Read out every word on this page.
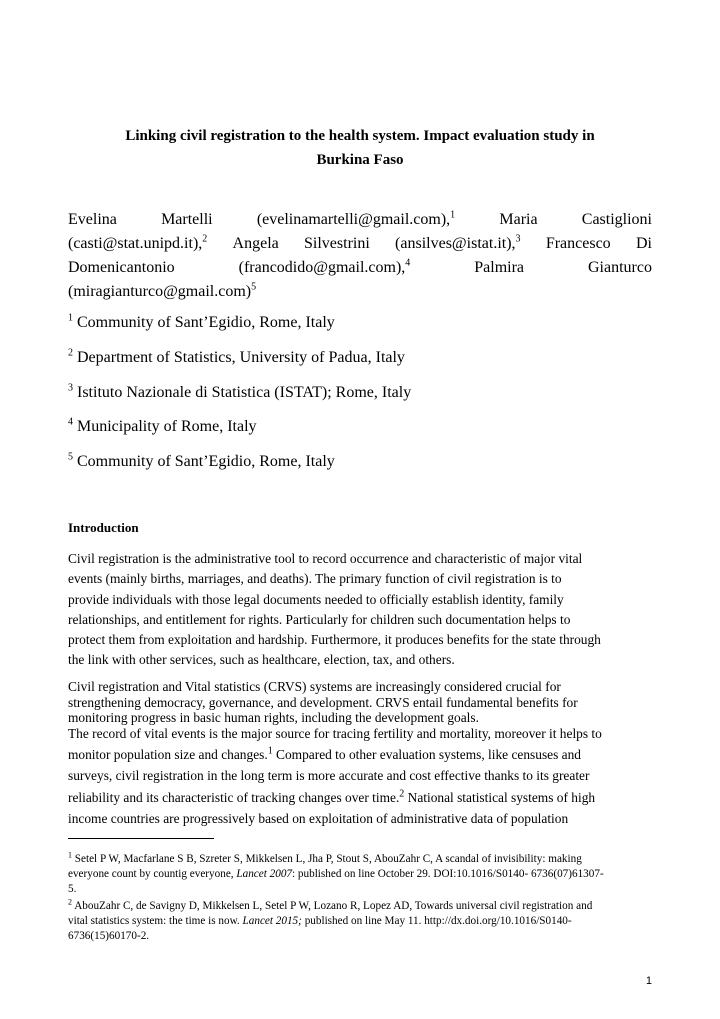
Linking civil registration to the health system. Impact evaluation study in
Burkina Faso
Evelina	Martelli	(evelinamartelli@gmail.com),$^1$	Maria	Castiglioni
(casti@stat.unipd.it),$^2$ Angela Silvestrini (ansilves@istat.it),$^3$ Francesco Di
Domenicantonio	(francodido@gmail.com),$^4$	Palmira	Gianturco
(miragianturco@gmail.com)$^5$
$^1$ Community of Sant’Egidio, Rome, Italy
$^2$ Department of Statistics, University of Padua, Italy
$^3$ Istituto Nazionale di Statistica (ISTAT); Rome, Italy
$^4$ Municipality of Rome, Italy
$^5$ Community of Sant’Egidio, Rome, Italy
Introduction
Civil registration is the administrative tool to record occurrence and characteristic of major vital
events (mainly births, marriages, and deaths). The primary function of civil registration is to
provide individuals with those legal documents needed to officially establish identity, family
relationships, and entitlement for rights. Particularly for children such documentation helps to
protect them from exploitation and hardship. Furthermore, it produces benefits for the state through
the link with other services, such as healthcare, election, tax, and others.
Civil registration and Vital statistics (CRVS) systems are increasingly considered crucial for
strengthening democracy, governance, and development. CRVS entail fundamental benefits for
monitoring progress in basic human rights, including the development goals.
The record of vital events is the major source for tracing fertility and mortality, moreover it helps to
monitor population size and changes.$^1$ Compared to other evaluation systems, like censuses and
surveys, civil registration in the long term is more accurate and cost effective thanks to its greater
reliability and its characteristic of tracking changes over time.$^2$ National statistical systems of high
income countries are progressively based on exploitation of administrative data of population
$^1$ Setel P W, Macfarlane S B, Szreter S, Mikkelsen L, Jha P, Stout S, AbouZahr C, A scandal of invisibility: making
everyone count by countig everyone, Lancet 2007: published on line October 29. DOI:10.1016/S0140- 6736(07)61307-
5.
$^2$ AbouZahr C, de Savigny D, Mikkelsen L, Setel P W, Lozano R, Lopez AD, Towards universal civil registration and
vital statistics system: the time is now. Lancet 2015; published on line May 11. http://dx.doi.org/10.1016/S0140-
6736(15)60170-2.
1
